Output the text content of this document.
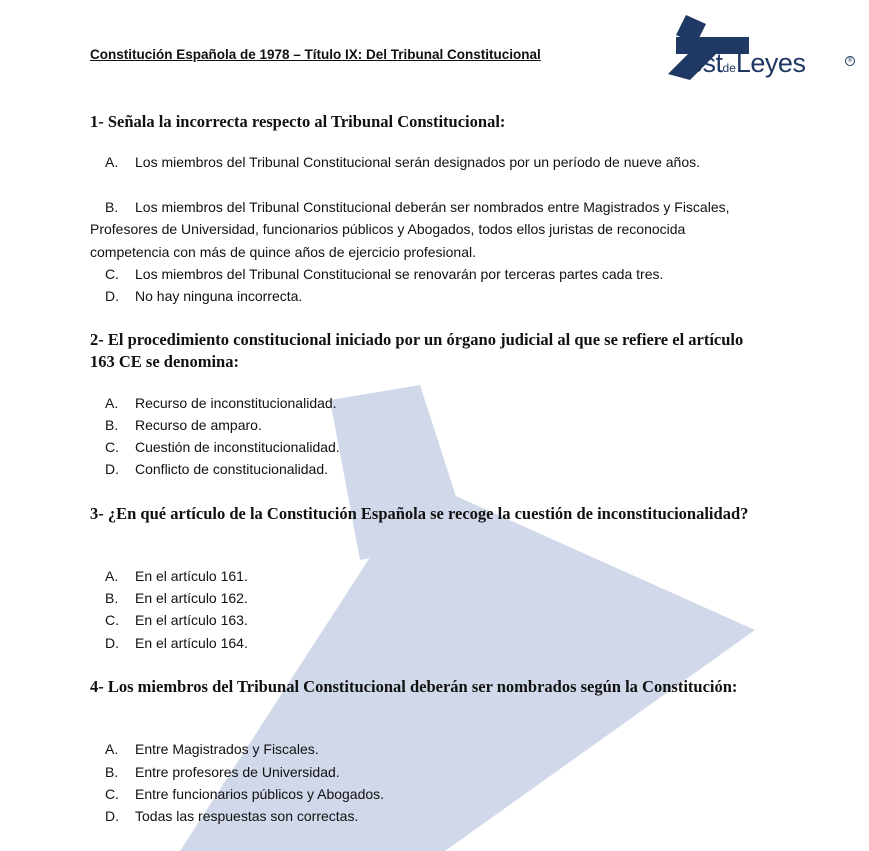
Constitución Española de 1978 – Título IX: Del Tribunal Constitucional	estdeLeyes	®

1- Señala la incorrecta respecto al Tribunal Constitucional:

A. Los miembros del Tribunal Constitucional serán designados por un período de nueve años.

B. Los miembros del Tribunal Constitucional deberán ser nombrados entre Magistrados y Fiscales, Profesores de Universidad, funcionarios públicos y Abogados, todos ellos juristas de reconocida competencia con más de quince años de ejercicio profesional.

C. Los miembros del Tribunal Constitucional se renovarán por terceras partes cada tres.

D. No hay ninguna incorrecta.

2- El procedimiento constitucional iniciado por un órgano judicial al que se refiere el artículo 163 CE se denomina:

A. Recurso de inconstitucionalidad.

B. Recurso de amparo.

C. Cuestión de inconstitucionalidad.

D. Conflicto de constitucionalidad.

3- ¿En qué artículo de la Constitución Española se recoge la cuestión de inconstitucionalidad?

A. En el artículo 161.

B. En el artículo 162.

C. En el artículo 163.

D. En el artículo 164.

4- Los miembros del Tribunal Constitucional deberán ser nombrados según la Constitución:

A. Entre Magistrados y Fiscales.

B. Entre profesores de Universidad.

C. Entre funcionarios públicos y Abogados.

D. Todas las respuestas son correctas.
